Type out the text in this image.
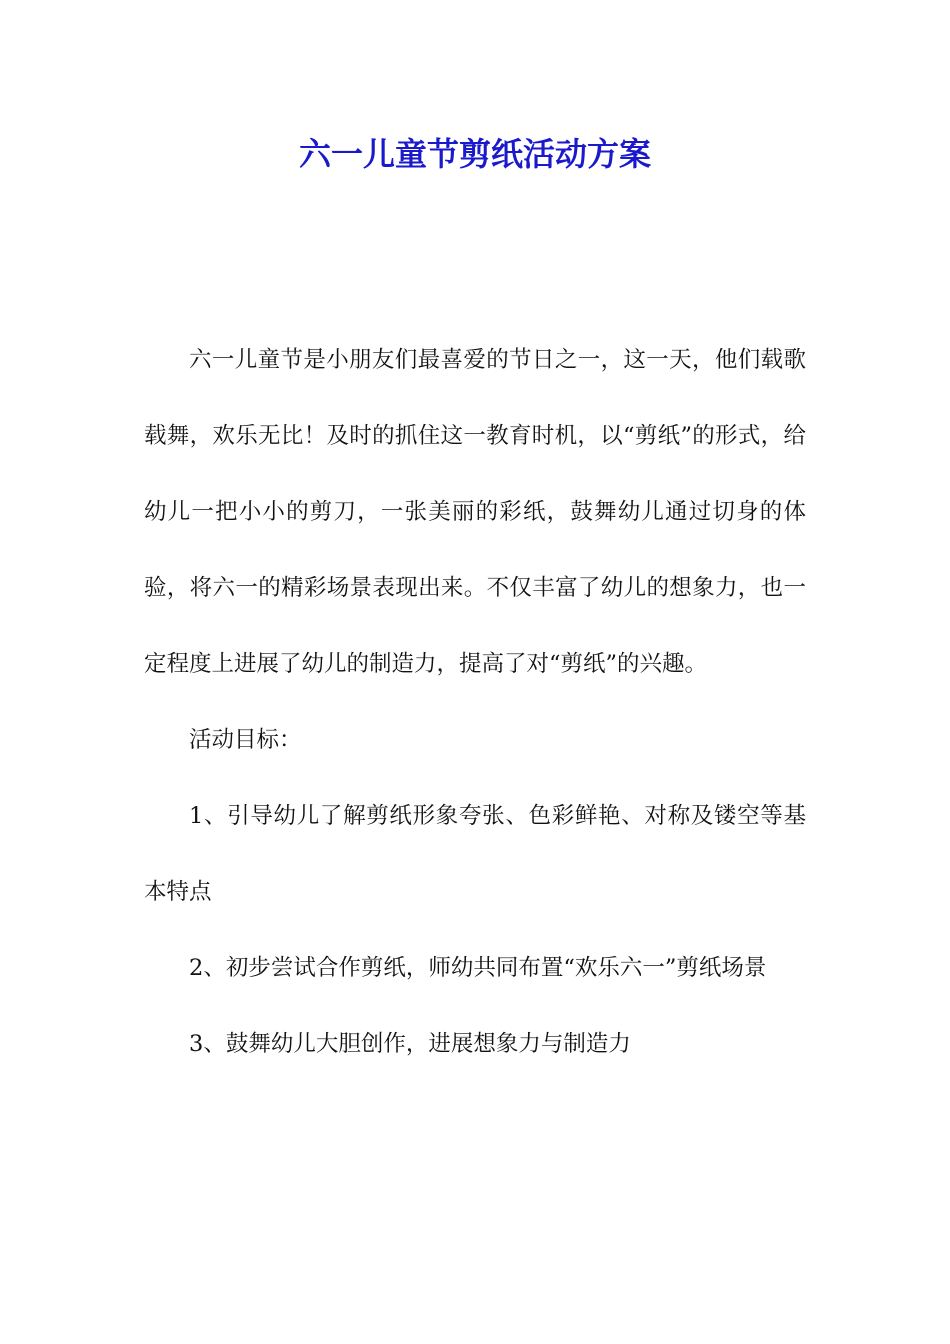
六一儿童节剪纸活动方案

六一儿童节是小朋友们最喜爱的节日之一，这一天，他们载歌载舞，欢乐无比！及时的抓住这一教育时机，以“剪纸”的形式，给幼儿一把小小的剪刀，一张美丽的彩纸，鼓舞幼儿通过切身的体验，将六一的精彩场景表现出来。不仅丰富了幼儿的想象力，也一定程度上进展了幼儿的制造力，提高了对“剪纸”的兴趣。

活动目标：

1、引导幼儿了解剪纸形象夸张、色彩鲜艳、对称及镂空等基本特点

2、初步尝试合作剪纸，师幼共同布置“欢乐六一”剪纸场景

3、鼓舞幼儿大胆创作，进展想象力与制造力
